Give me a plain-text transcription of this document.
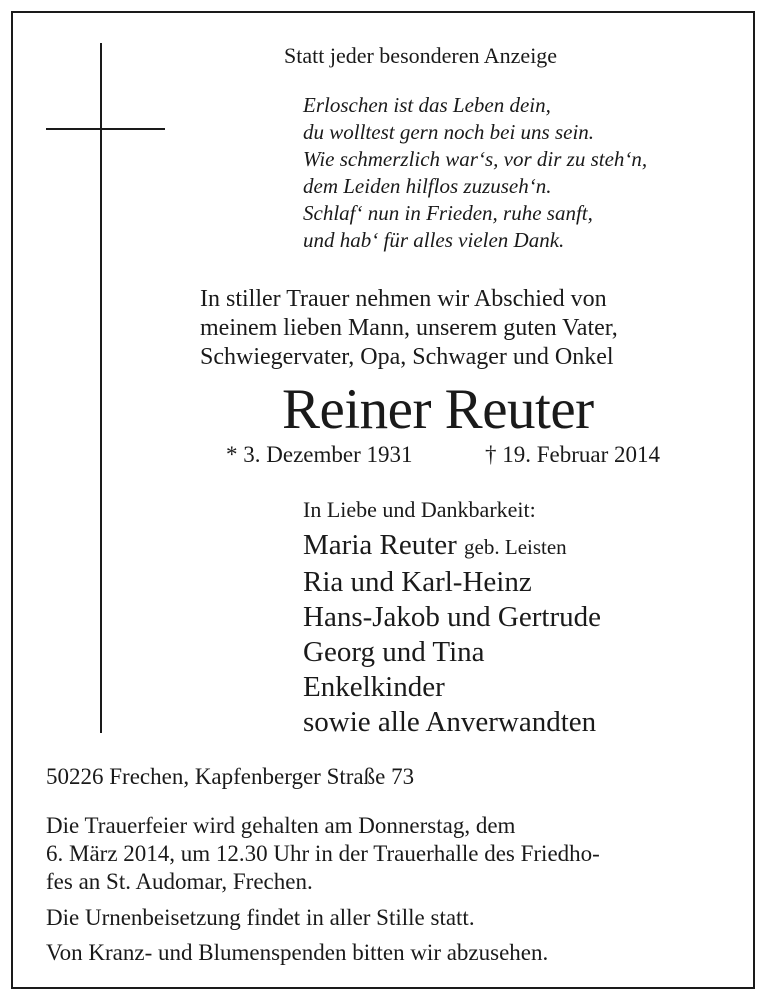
Statt jeder besonderen Anzeige
Erloschen ist das Leben dein,
du wolltest gern noch bei uns sein.
Wie schmerzlich war‘s, vor dir zu steh‘n,
dem Leiden hilflos zuzuseh‘n.
Schlaf‘ nun in Frieden, ruhe sanft,
und hab‘ für alles vielen Dank.
In stiller Trauer nehmen wir Abschied von
meinem lieben Mann, unserem guten Vater,
Schwiegervater, Opa, Schwager und Onkel
Reiner Reuter
* 3. Dezember 1931	† 19. Februar 2014
In Liebe und Dankbarkeit:
Maria Reuter geb. Leisten
Ria und Karl-Heinz
Hans-Jakob und Gertrude
Georg und Tina
Enkelkinder
sowie alle Anverwandten
50226 Frechen, Kapfenberger Straße 73
Die Trauerfeier wird gehalten am Donnerstag, dem
6. März 2014, um 12.30 Uhr in der Trauerhalle des Friedho-
fes an St. Audomar, Frechen.
Die Urnenbeisetzung findet in aller Stille statt.
Von Kranz- und Blumenspenden bitten wir abzusehen.
